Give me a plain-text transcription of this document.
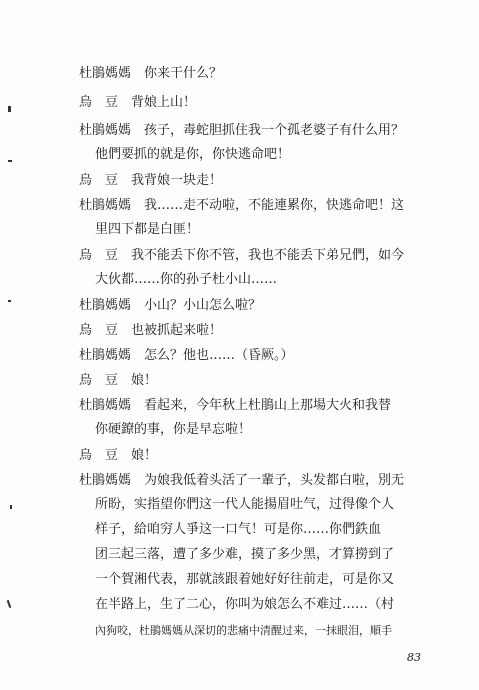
杜鵑媽媽　你来干什么？
烏　豆　背娘上山！
杜鵑媽媽　孩子，毒蛇胆抓住我一个孤老婆子有什么用？
他們要抓的就是你，你快逃命吧！
烏　豆　我背娘一块走！
杜鵑媽媽　我……走不动啦，不能連累你，快逃命吧！这
里四下都是白匪！
烏　豆　我不能丢下你不管，我也不能丢下弟兄們，如今
大伙都……你的孙子杜小山……
杜鵑媽媽　小山？小山怎么啦？
烏　豆　也被抓起来啦！
杜鵑媽媽　怎么？他也……（昏厥。）
烏　豆　娘！
杜鵑媽媽　看起来，今年秋上杜鵑山上那場大火和我替
你硬鐐的事，你是早忘啦！
烏　豆　娘！
杜鵑媽媽　为娘我低着头活了一輩子，头发都白啦，別无
所盼，实指望你們这一代人能揚眉吐气，过得像个人
样子，給咱穷人爭这一口气！可是你……你們鉄血
团三起三落，遭了多少难，摸了多少黑，才算撈到了
一个賀湘代表，那就該跟着她好好往前走，可是你又
在半路上，生了二心，你叫为娘怎么不难过……（村
內狗咬，杜鵑媽媽从深切的悲痛中清醒过来，一抹眼泪，順手
83
